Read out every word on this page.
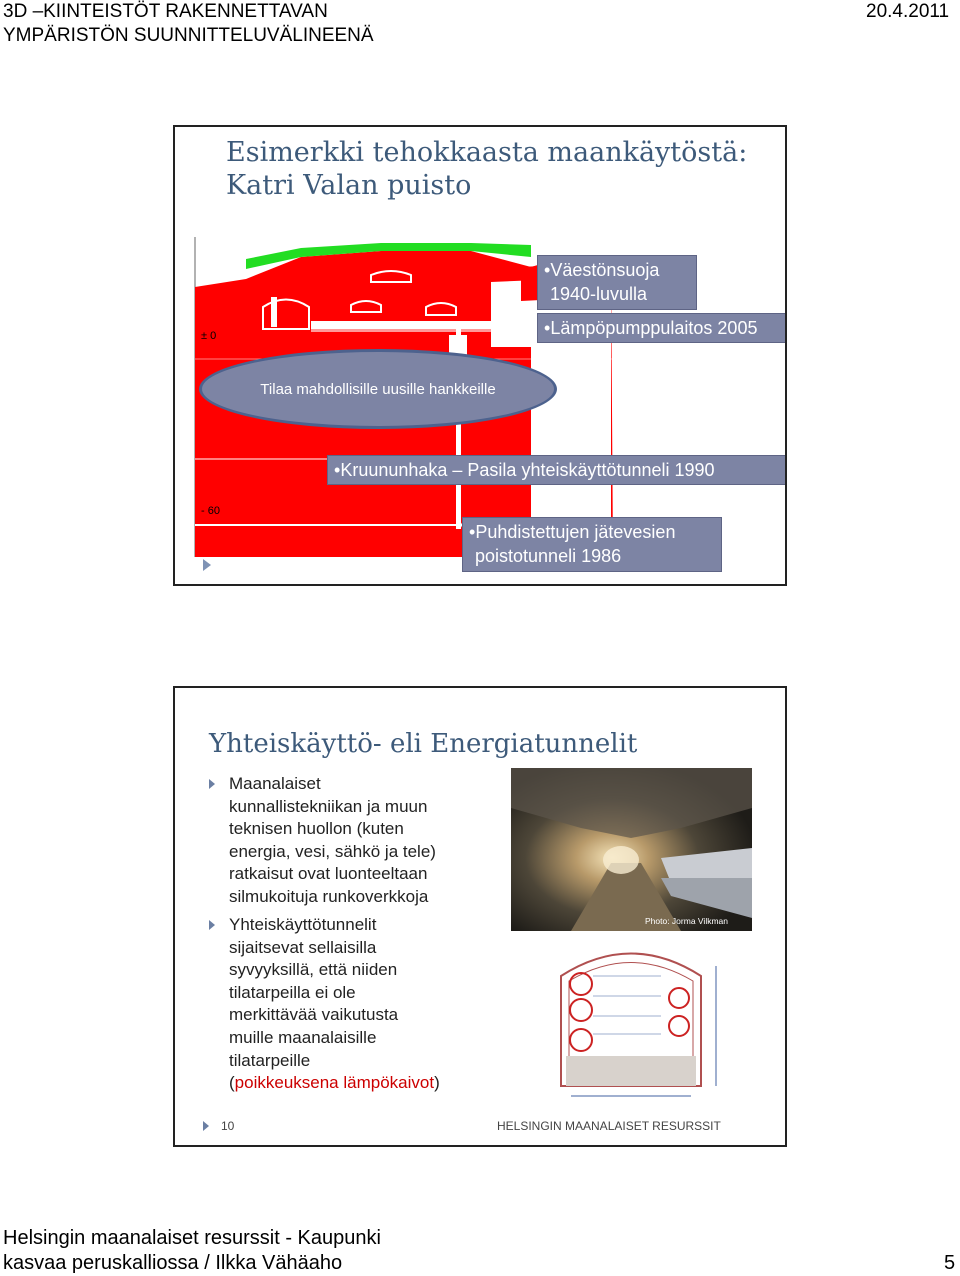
3D –KIINTEISTÖT RAKENNETTAVAN
YMPÄRISTÖN SUUNNITTELUVÄLINEENÄ
20.4.2011
Esimerkki tehokkaasta maankäytöstä:
Katri Valan puisto
± 0
- 60
Tilaa mahdollisille uusille hankkeille
• Väestönsuoja
1940-luvulla
• Lämpöpumppulaitos 2005
• Kruununhaka – Pasila yhteiskäyttötunneli 1990
• Puhdistettujen jätevesien
poistotunneli 1986
Yhteiskäyttö- eli Energiatunnelit
Maanalaiset
kunnallistekniikan ja muun
teknisen huollon (kuten
energia, vesi, sähkö ja tele)
ratkaisut ovat luonteeltaan
silmukoituja runkoverkkoja
Yhteiskäyttötunnelit
sijaitsevat sellaisilla
syvyyksillä, että niiden
tilatarpeilla ei ole
merkittävää vaikutusta
muille maanalaisille
tilatarpeille
(poikkeuksena lämpökaivot)
Photo: Jorma Vilkman
10	HELSINGIN MAANALAISET RESURSSIT
Helsingin maanalaiset resurssit - Kaupunki
kasvaa peruskalliossa / Ilkka Vähäaho	5
